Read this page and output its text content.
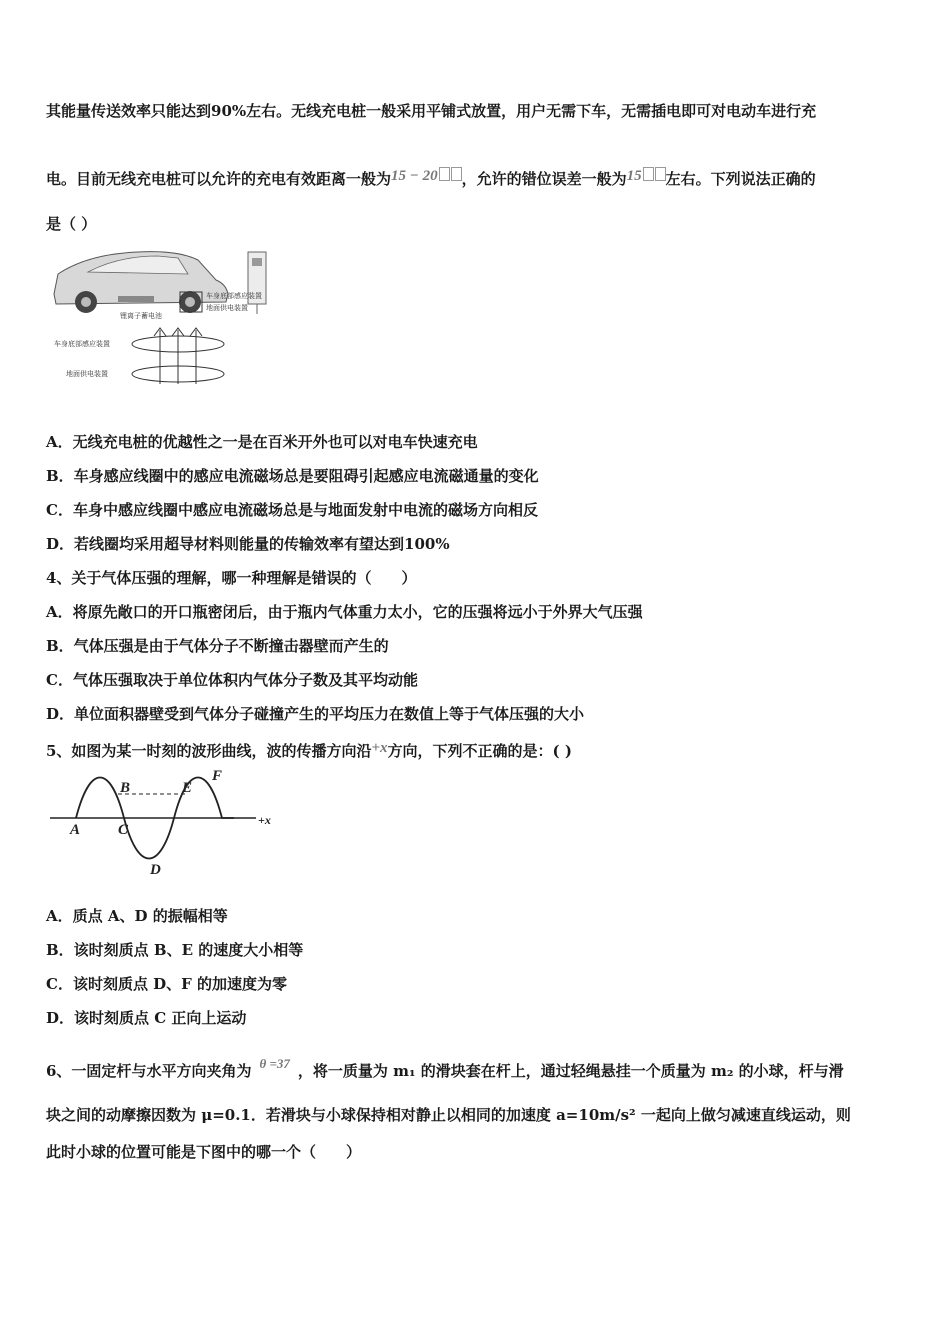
其能量传送效率只能达到90%左右。无线充电桩一般采用平铺式放置，用户无需下车，无需插电即可对电动车进行充
电。目前无线充电桩可以允许的充电有效距离一般为15 − 20 ，允许的错位误差一般为15 左右。下列说法正确的
是（ ）
车身底部感应装置
地面供电装置
锂离子蓄电池
车身底部感应装置
地面供电装置
A．无线充电桩的优越性之一是在百米开外也可以对电车快速充电
B．车身感应线圈中的感应电流磁场总是要阻碍引起感应电流磁通量的变化
C．车身中感应线圈中感应电流磁场总是与地面发射中电流的磁场方向相反
D．若线圈均采用超导材料则能量的传输效率有望达到100%
4、关于气体压强的理解，哪一种理解是错误的（　　）
A．将原先敞口的开口瓶密闭后，由于瓶内气体重力太小，它的压强将远小于外界大气压强
B．气体压强是由于气体分子不断撞击器壁而产生的
C．气体压强取决于单位体积内气体分子数及其平均动能
D．单位面积器壁受到气体分子碰撞产生的平均压力在数值上等于气体压强的大小
5、如图为某一时刻的波形曲线，波的传播方向沿+x方向，下列不正确的是：( )
A
B
C
D
E
F
+x
A．质点 A、D 的振幅相等
B．该时刻质点 B、E 的速度大小相等
C．该时刻质点 D、F 的加速度为零
D．该时刻质点 C 正向上运动
6、一固定杆与水平方向夹角为 θ =37 ，将一质量为 m₁ 的滑块套在杆上，通过轻绳悬挂一个质量为 m₂ 的小球，杆与滑
块之间的动摩擦因数为 μ=0.1．若滑块与小球保持相对静止以相同的加速度 a=10m/s² 一起向上做匀减速直线运动，则
此时小球的位置可能是下图中的哪一个（　　）
